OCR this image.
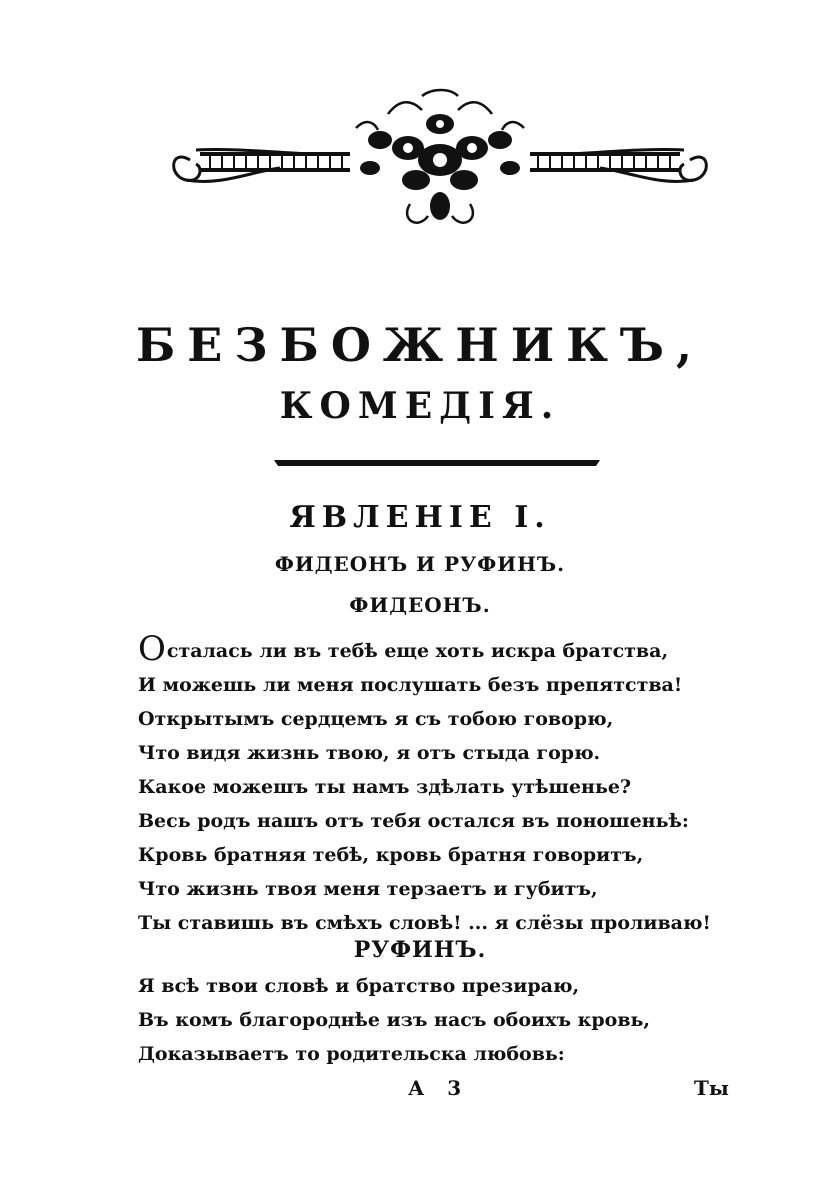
БЕЗБОЖНИКЪ,
КОМЕДІЯ.
ЯВЛЕНІЕ I.
ФИДЕОНЪ И РУФИНЪ.
ФИДЕОНЪ.
Осталась ли въ тебѣ еще хоть искра братства,
И можешь ли меня послушать безъ препятства!
Открытымъ сердцемъ я съ тобою говорю,
Что видя жизнь твою, я отъ стыда горю.
Какое можешъ ты намъ здѣлать утѣшенье?
Весь родъ нашъ отъ тебя остался въ поношеньѣ:
Кровь братняя тебѣ, кровь братня говоритъ,
Что жизнь твоя меня терзаетъ и губитъ,
Ты ставишь въ смѣхъ словѣ! ... я слёзы проливаю!
РУФИНЪ.
Я всѣ твои словѣ и братство презираю,
Въ комъ благороднѣе изъ насъ обоихъ кровь,
Доказываетъ то родительска любовь:
А 3	Ты
